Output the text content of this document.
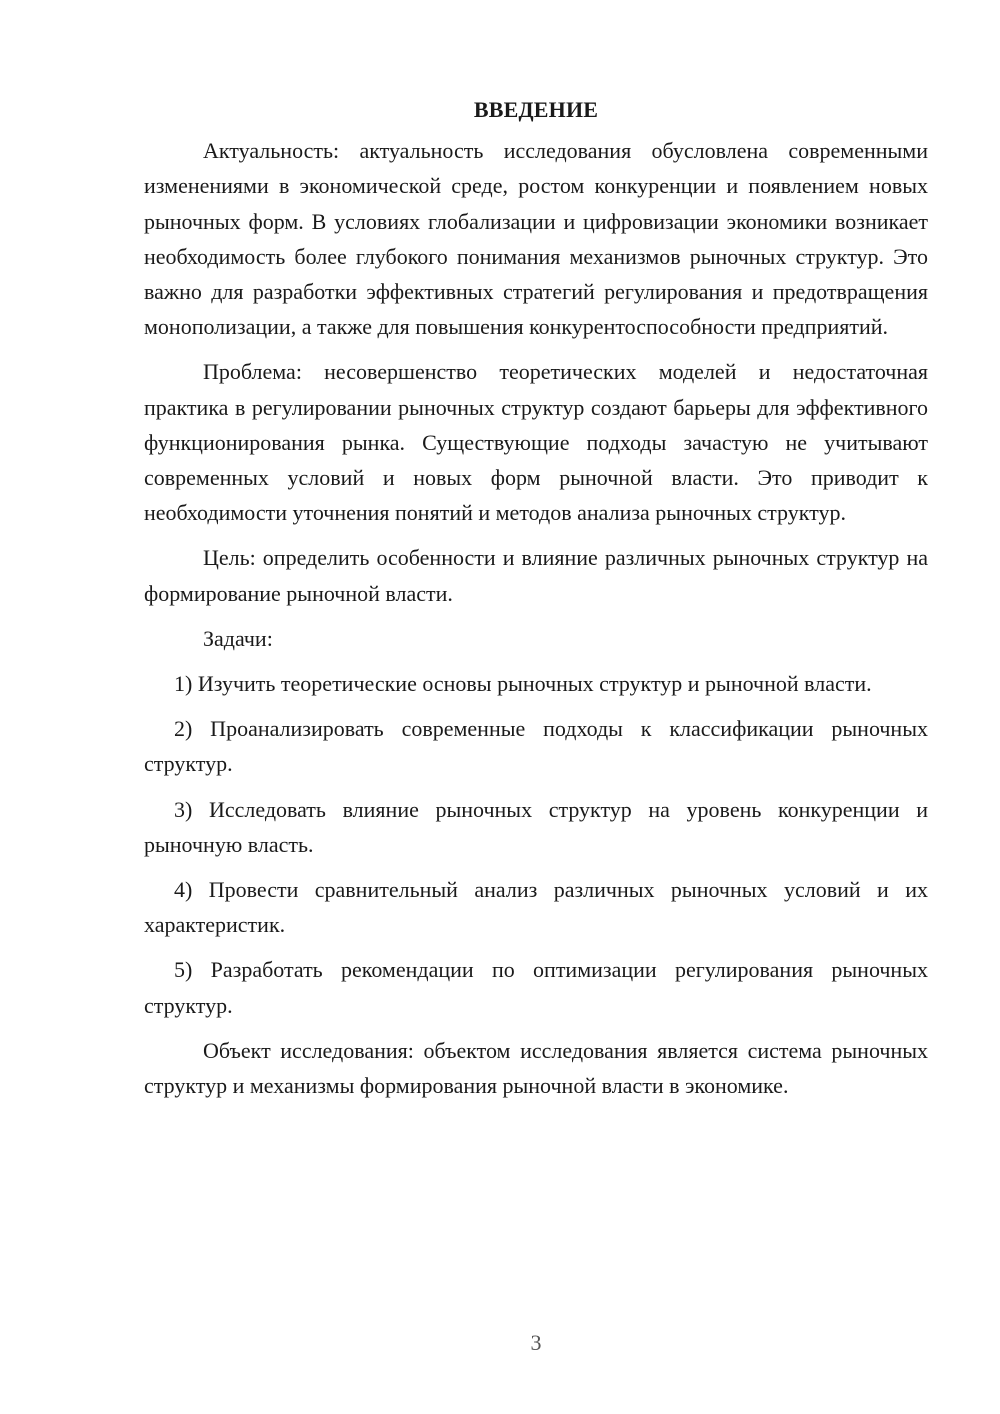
ВВЕДЕНИЕ

Актуальность: актуальность исследования обусловлена современными изменениями в экономической среде, ростом конкуренции и появлением новых рыночных форм. В условиях глобализации и цифровизации экономики возникает необходимость более глубокого понимания механизмов рыночных структур. Это важно для разработки эффективных стратегий регулирования и предотвращения монополизации, а также для повышения конкурентоспособности предприятий.

Проблема: несовершенство теоретических моделей и недостаточная практика в регулировании рыночных структур создают барьеры для эффективного функционирования рынка. Существующие подходы зачастую не учитывают современных условий и новых форм рыночной власти. Это приводит к необходимости уточнения понятий и методов анализа рыночных структур.

Цель: определить особенности и влияние различных рыночных структур на формирование рыночной власти.

Задачи:

1) Изучить теоретические основы рыночных структур и рыночной власти.

2) Проанализировать современные подходы к классификации рыночных структур.

3) Исследовать влияние рыночных структур на уровень конкуренции и рыночную власть.

4) Провести сравнительный анализ различных рыночных условий и их характеристик.

5) Разработать рекомендации по оптимизации регулирования рыночных структур.

Объект исследования: объектом исследования является система рыночных структур и механизмы формирования рыночной власти в экономике.

3
